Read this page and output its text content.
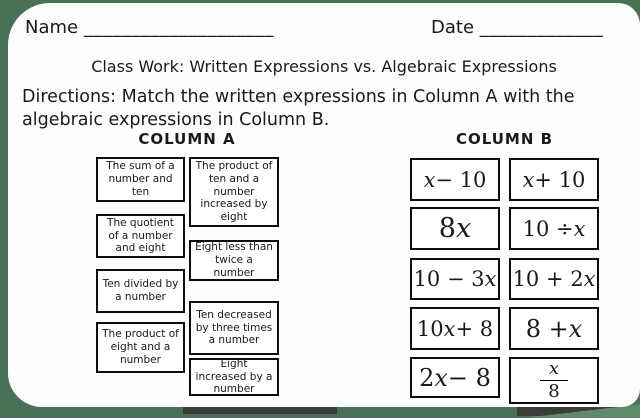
Name ____________________	Date _____________
Class Work: Written Expressions vs. Algebraic Expressions
Directions: Match the written expressions in Column A with the
algebraic expressions in Column B.
COLUMN A	COLUMN B
The sum of a number and ten
The quotient of a number and eight
Ten divided by a number
The product of eight and a number
The product of ten and a number increased by eight
Eight less than twice a number
Ten decreased by three times a number
Eight increased by a number
x − 10
8 x
10 − 3 x
10 x + 8
2 x − 8
x + 10
10 ÷ x
10 + 2 x
8 + x
$\frac{x}{8}$
